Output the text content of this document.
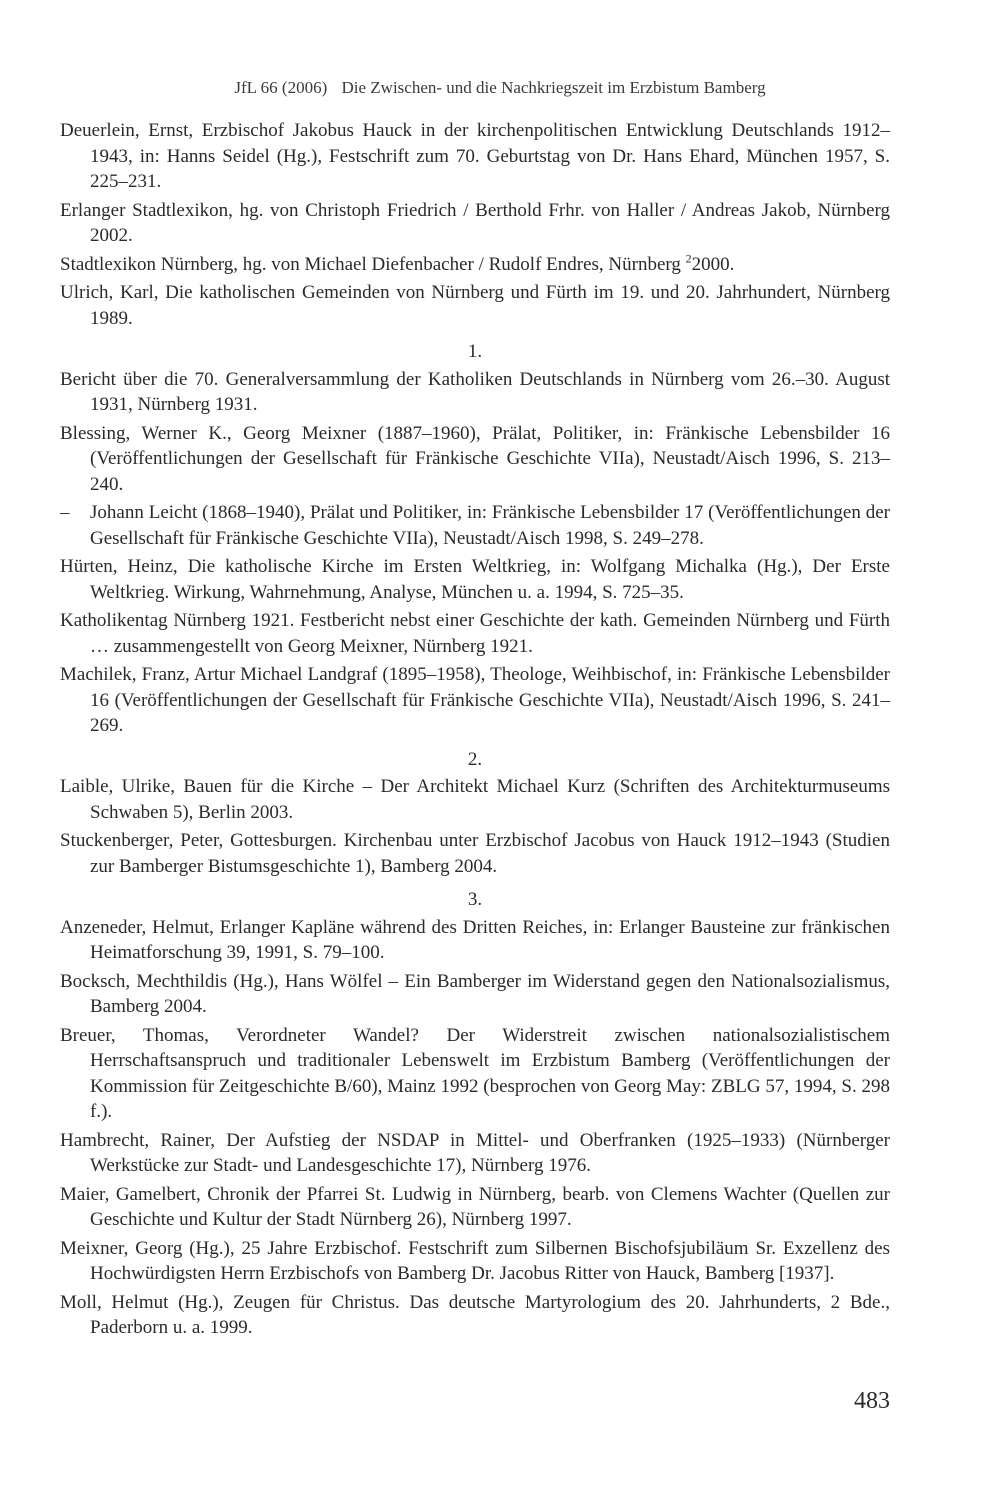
JfL 66 (2006) Die Zwischen- und die Nachkriegszeit im Erzbistum Bamberg

Deuerlein, Ernst, Erzbischof Jakobus Hauck in der kirchenpolitischen Entwicklung Deutschlands 1912–1943, in: Hanns Seidel (Hg.), Festschrift zum 70. Geburtstag von Dr. Hans Ehard, München 1957, S. 225–231.

Erlanger Stadtlexikon, hg. von Christoph Friedrich / Berthold Frhr. von Haller / Andreas Jakob, Nürnberg 2002.

Stadtlexikon Nürnberg, hg. von Michael Diefenbacher / Rudolf Endres, Nürnberg $^2$2000.

Ulrich, Karl, Die katholischen Gemeinden von Nürnberg und Fürth im 19. und 20. Jahrhundert, Nürnberg 1989.

1.

Bericht über die 70. Generalversammlung der Katholiken Deutschlands in Nürnberg vom 26.–30. August 1931, Nürnberg 1931.

Blessing, Werner K., Georg Meixner (1887–1960), Prälat, Politiker, in: Fränkische Lebensbilder 16 (Veröffentlichungen der Gesellschaft für Fränkische Geschichte VIIa), Neustadt/Aisch 1996, S. 213–240.

– Johann Leicht (1868–1940), Prälat und Politiker, in: Fränkische Lebensbilder 17 (Veröffentlichungen der Gesellschaft für Fränkische Geschichte VIIa), Neustadt/Aisch 1998, S. 249–278.

Hürten, Heinz, Die katholische Kirche im Ersten Weltkrieg, in: Wolfgang Michalka (Hg.), Der Erste Weltkrieg. Wirkung, Wahrnehmung, Analyse, München u. a. 1994, S. 725–35.

Katholikentag Nürnberg 1921. Festbericht nebst einer Geschichte der kath. Gemeinden Nürnberg und Fürth … zusammengestellt von Georg Meixner, Nürnberg 1921.

Machilek, Franz, Artur Michael Landgraf (1895–1958), Theologe, Weihbischof, in: Fränkische Lebensbilder 16 (Veröffentlichungen der Gesellschaft für Fränkische Geschichte VIIa), Neustadt/Aisch 1996, S. 241–269.

2.

Laible, Ulrike, Bauen für die Kirche – Der Architekt Michael Kurz (Schriften des Architekturmuseums Schwaben 5), Berlin 2003.

Stuckenberger, Peter, Gottesburgen. Kirchenbau unter Erzbischof Jacobus von Hauck 1912–1943 (Studien zur Bamberger Bistumsgeschichte 1), Bamberg 2004.

3.

Anzeneder, Helmut, Erlanger Kapläne während des Dritten Reiches, in: Erlanger Bausteine zur fränkischen Heimatforschung 39, 1991, S. 79–100.

Bocksch, Mechthildis (Hg.), Hans Wölfel – Ein Bamberger im Widerstand gegen den Nationalsozialismus, Bamberg 2004.

Breuer, Thomas, Verordneter Wandel? Der Widerstreit zwischen nationalsozialistischem Herrschaftsanspruch und traditionaler Lebenswelt im Erzbistum Bamberg (Veröffentlichungen der Kommission für Zeitgeschichte B/60), Mainz 1992 (besprochen von Georg May: ZBLG 57, 1994, S. 298 f.).

Hambrecht, Rainer, Der Aufstieg der NSDAP in Mittel- und Oberfranken (1925–1933) (Nürnberger Werkstücke zur Stadt- und Landesgeschichte 17), Nürnberg 1976.

Maier, Gamelbert, Chronik der Pfarrei St. Ludwig in Nürnberg, bearb. von Clemens Wachter (Quellen zur Geschichte und Kultur der Stadt Nürnberg 26), Nürnberg 1997.

Meixner, Georg (Hg.), 25 Jahre Erzbischof. Festschrift zum Silbernen Bischofsjubiläum Sr. Exzellenz des Hochwürdigsten Herrn Erzbischofs von Bamberg Dr. Jacobus Ritter von Hauck, Bamberg [1937].

Moll, Helmut (Hg.), Zeugen für Christus. Das deutsche Martyrologium des 20. Jahrhunderts, 2 Bde., Paderborn u. a. 1999.

483
